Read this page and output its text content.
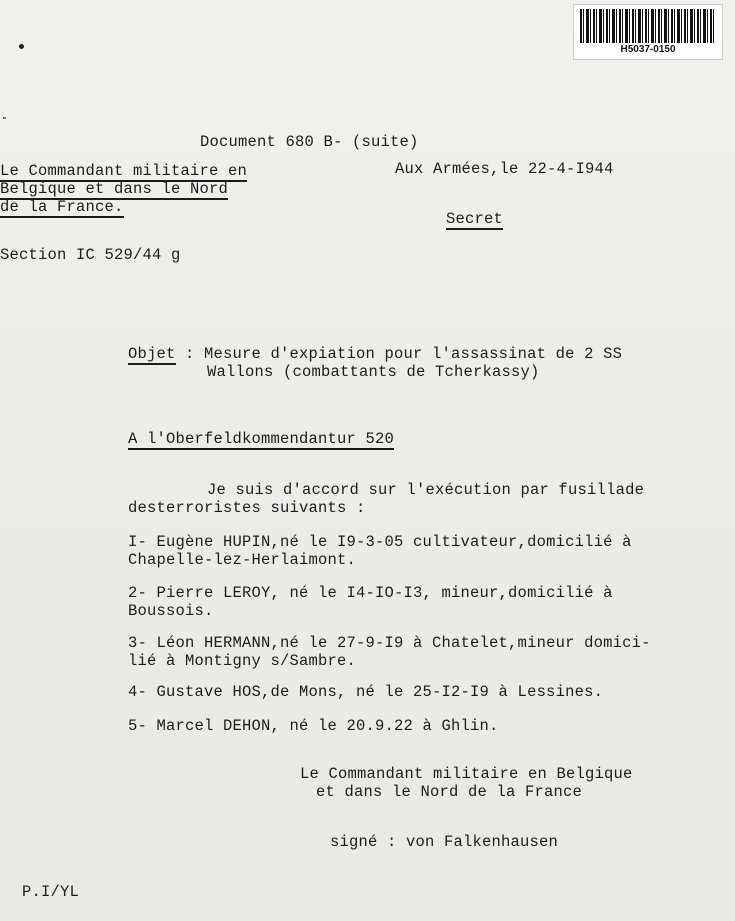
H5037-0150
Document 680 B- (suite)
Le Commandant militaire en
Belgique et dans le Nord
de la France.
Aux Armées,le 22-4-I944
Secret
Section IC 529/44 g
Objet : Mesure d'expiation pour l'assassinat de 2 SS
Wallons (combattants de Tcherkassy)
A l'Oberfeldkommendantur 520
Je suis d'accord sur l'exécution par fusillade
desterroristes suivants :
I- Eugène HUPIN,né le I9-3-05 cultivateur,domicilié à
Chapelle-lez-Herlaimont.
2- Pierre LEROY, né le I4-IO-I3, mineur,domicilié à
Boussois.
3- Léon HERMANN,né le 27-9-I9 à Chatelet,mineur domici-
lié à Montigny s/Sambre.
4- Gustave HOS,de Mons, né le 25-I2-I9 à Lessines.
5- Marcel DEHON, né le 20.9.22 à Ghlin.
Le Commandant militaire en Belgique
et dans le Nord de la France
signé : von Falkenhausen
P.I/YL
